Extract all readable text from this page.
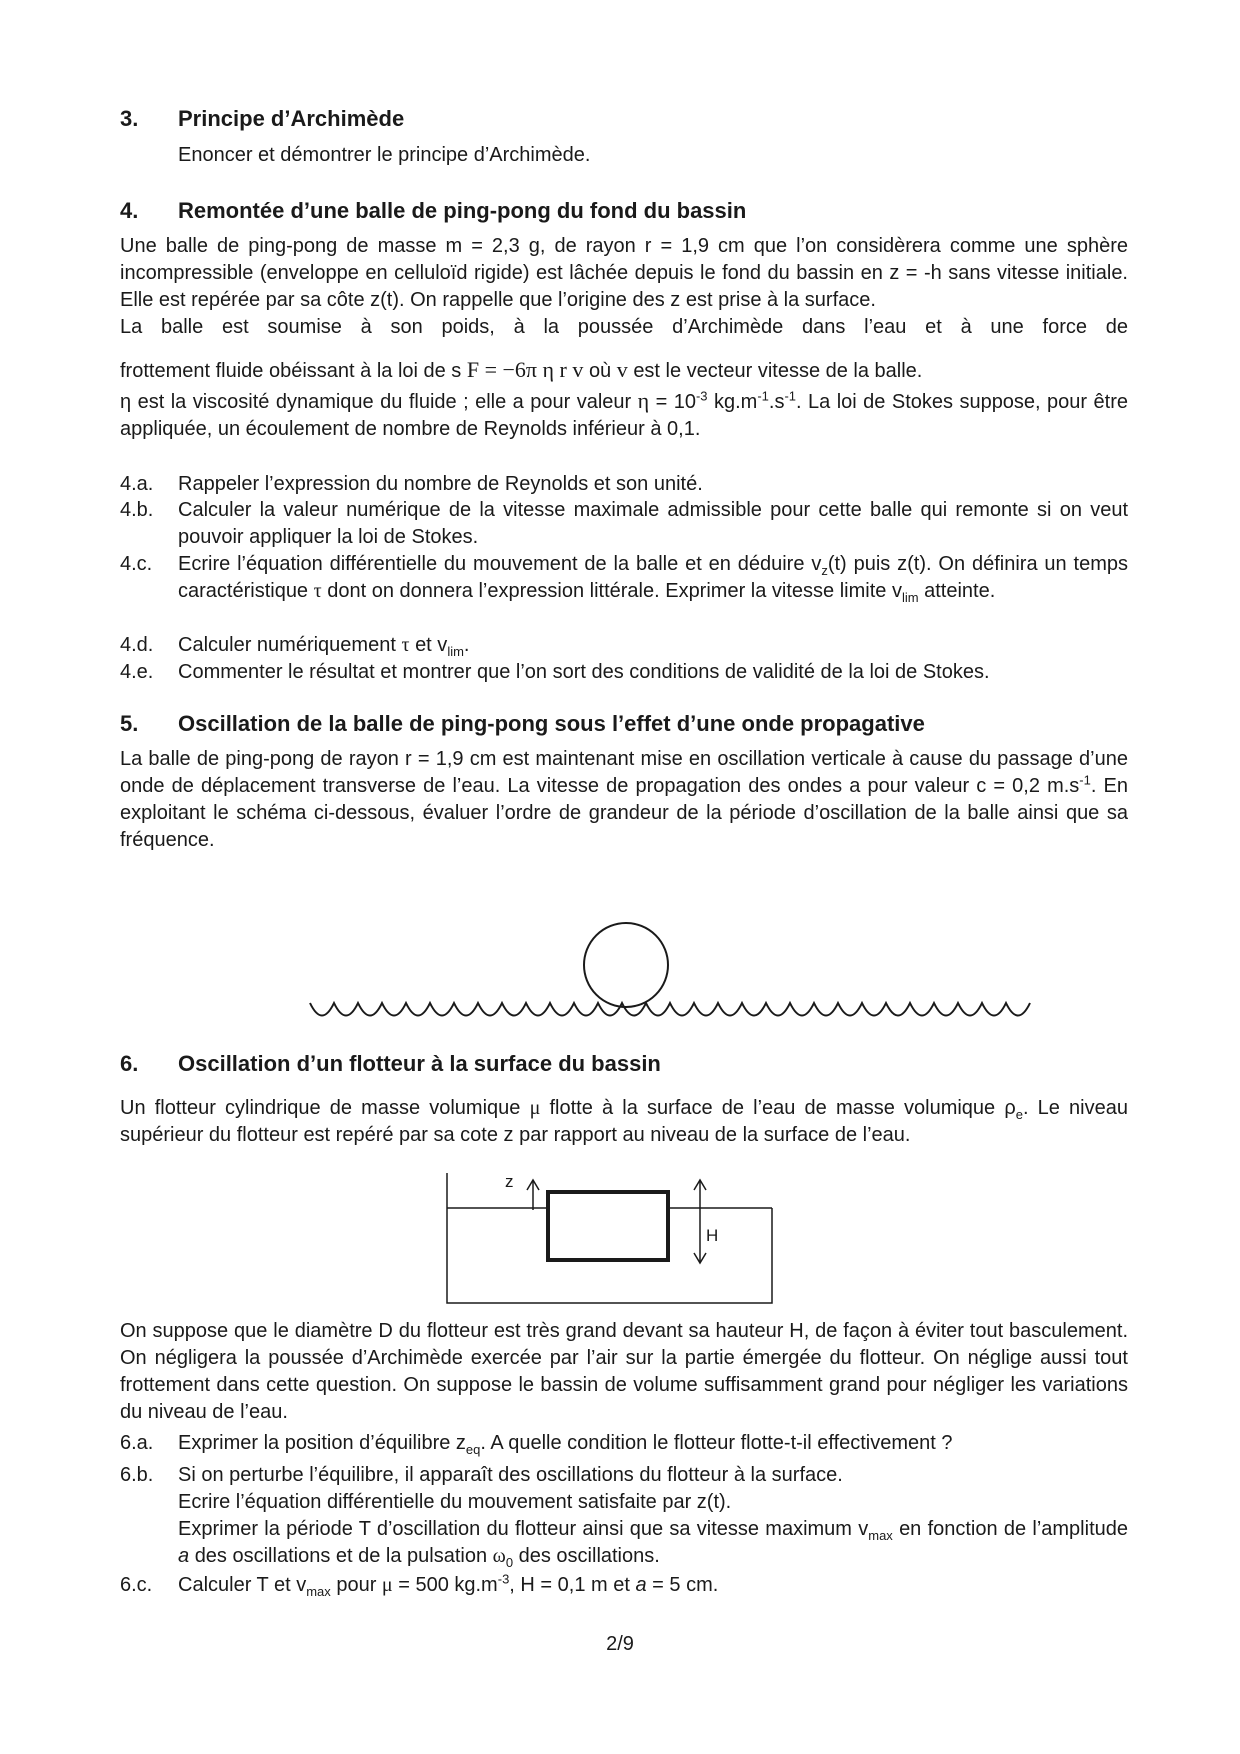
3. Principe d’Archimède
Enoncer et démontrer le principe d’Archimède.
4. Remontée d’une balle de ping-pong du fond du bassin

Une balle de ping-pong de masse m = 2,3 g, de rayon r = 1,9 cm que l’on considèrera comme une sphère incompressible (enveloppe en celluloïd rigide) est lâchée depuis le fond du bassin en z = -h sans vitesse initiale. Elle est repérée par sa côte z(t). On rappelle que l’origine des z est prise à la surface.

La balle est soumise à son poids, à la poussée d’Archimède dans l’eau et à une force de

frottement fluide obéissant à la loi de s F = −6π η r v où v est le vecteur vitesse de la balle.

η est la viscosité dynamique du fluide ; elle a pour valeur $\eta = 10^{-3}$ $kg.m^{-1}.s^{-1}$. La loi de Stokes suppose, pour être appliquée, un écoulement de nombre de Reynolds inférieur à 0,1.

4.a. Rappeler l’expression du nombre de Reynolds et son unité.
4.b. Calculer la valeur numérique de la vitesse maximale admissible pour cette balle qui remonte si on veut pouvoir appliquer la loi de Stokes.
4.c. Ecrire l’équation différentielle du mouvement de la balle et en déduire $v_z(t)$ puis z(t). On définira un temps caractéristique τ dont on donnera l’expression littérale. Exprimer la vitesse limite $v_{lim}$ atteinte.
4.d. Calculer numériquement τ et $v_{lim}$.
4.e. Commenter le résultat et montrer que l’on sort des conditions de validité de la loi de Stokes.
5. Oscillation de la balle de ping-pong sous l’effet d’une onde propagative

La balle de ping-pong de rayon r = 1,9 cm est maintenant mise en oscillation verticale à cause du passage d’une onde de déplacement transverse de l’eau. La vitesse de propagation des ondes a pour valeur c = 0,2 $m.s^{-1}$. En exploitant le schéma ci-dessous, évaluer l’ordre de grandeur de la période d’oscillation de la balle ainsi que sa fréquence.

6. Oscillation d’un flotteur à la surface du bassin

Un flotteur cylindrique de masse volumique μ flotte à la surface de l’eau de masse volumique $\rho_e$. Le niveau supérieur du flotteur est repéré par sa cote z par rapport au niveau de la surface de l’eau.

z
H
On suppose que le diamètre D du flotteur est très grand devant sa hauteur H, de façon à éviter tout basculement. On négligera la poussée d’Archimède exercée par l’air sur la partie émergée du flotteur. On néglige aussi tout frottement dans cette question. On suppose le bassin de volume suffisamment grand pour négliger les variations du niveau de l’eau.
6.a. Exprimer la position d’équilibre $z_{eq}$. A quelle condition le flotteur flotte-t-il effectivement ?
6.b. Si on perturbe l’équilibre, il apparaît des oscillations du flotteur à la surface.
Ecrire l’équation différentielle du mouvement satisfaite par z(t).
Exprimer la période T d’oscillation du flotteur ainsi que sa vitesse maximum $v_{max}$ en fonction de l’amplitude a des oscillations et de la pulsation $\omega_0$ des oscillations.
6.c. Calculer T et $v_{max}$ pour μ = 500 $kg.m^{-3}$, H = 0,1 m et a = 5 cm.
2/9
